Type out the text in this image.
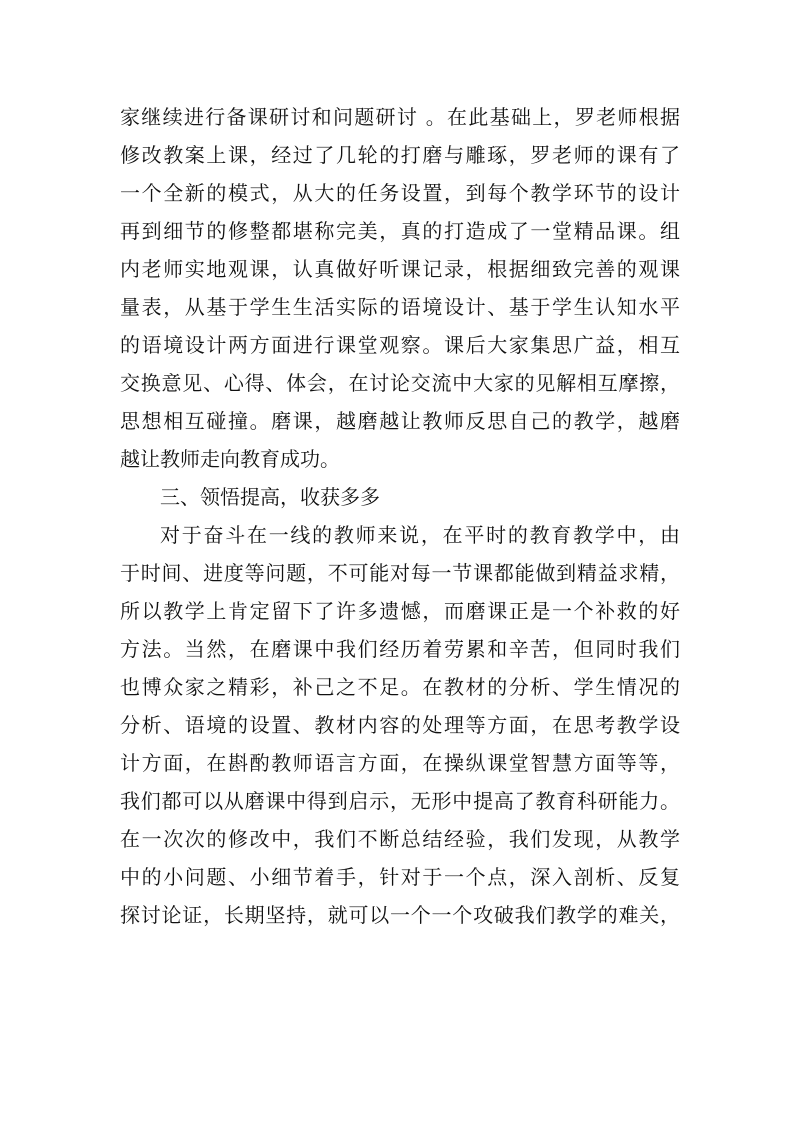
家继续进行备课研讨和问题研讨 。在此基础上，罗老师根据
修改教案上课，经过了几轮的打磨与雕琢，罗老师的课有了
一个全新的模式，从大的任务设置，到每个教学环节的设计
再到细节的修整都堪称完美，真的打造成了一堂精品课。组
内老师实地观课，认真做好听课记录，根据细致完善的观课
量表，从基于学生生活实际的语境设计、基于学生认知水平
的语境设计两方面进行课堂观察。课后大家集思广益，相互
交换意见、心得、体会，在讨论交流中大家的见解相互摩擦，
思想相互碰撞。磨课，越磨越让教师反思自己的教学，越磨
越让教师走向教育成功。
三、领悟提高，收获多多
对于奋斗在一线的教师来说，在平时的教育教学中，由
于时间、进度等问题，不可能对每一节课都能做到精益求精，
所以教学上肯定留下了许多遗憾，而磨课正是一个补救的好
方法。当然，在磨课中我们经历着劳累和辛苦，但同时我们
也博众家之精彩，补己之不足。在教材的分析、学生情况的
分析、语境的设置、教材内容的处理等方面，在思考教学设
计方面，在斟酌教师语言方面，在操纵课堂智慧方面等等，
我们都可以从磨课中得到启示，无形中提高了教育科研能力。
在一次次的修改中，我们不断总结经验，我们发现，从教学
中的小问题、小细节着手，针对于一个点，深入剖析、反复
探讨论证，长期坚持，就可以一个一个攻破我们教学的难关，
